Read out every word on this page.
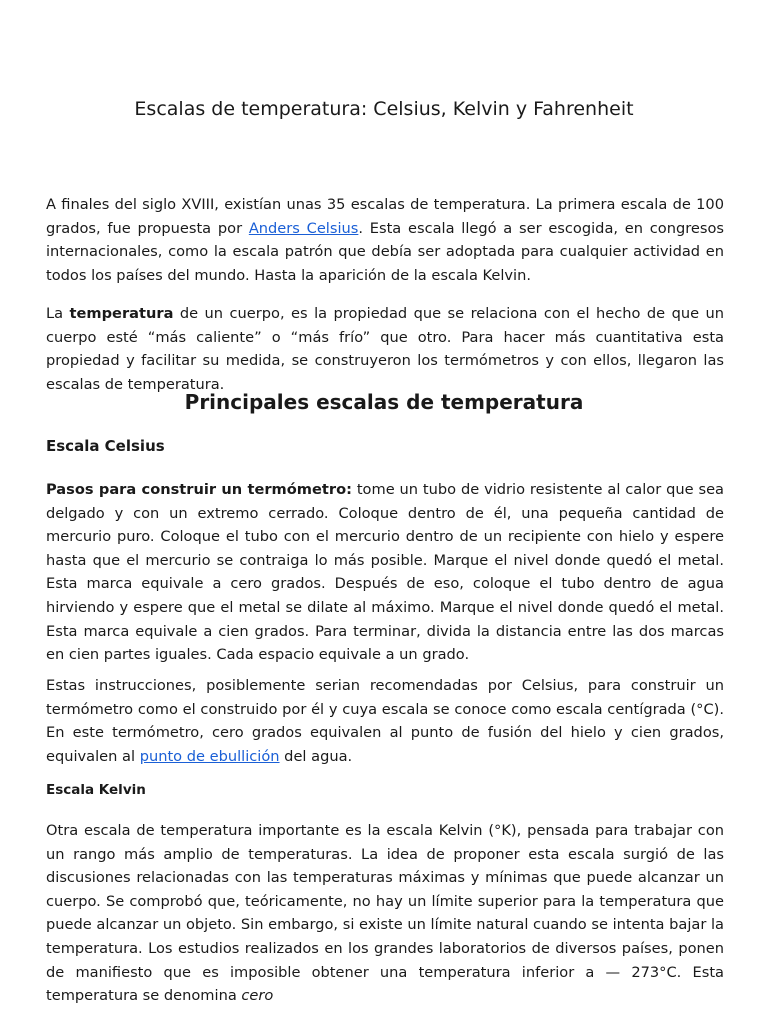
Escalas de temperatura: Celsius, Kelvin y Fahrenheit

A finales del siglo XVIII, existían unas 35 escalas de temperatura. La primera escala de 100 grados, fue propuesta por Anders Celsius. Esta escala llegó a ser escogida, en congresos internacionales, como la escala patrón que debía ser adoptada para cualquier actividad en todos los países del mundo. Hasta la aparición de la escala Kelvin.

La temperatura de un cuerpo, es la propiedad que se relaciona con el hecho de que un cuerpo esté “más caliente” o “más frío” que otro. Para hacer más cuantitativa esta propiedad y facilitar su medida, se construyeron los termómetros y con ellos, llegaron las escalas de temperatura.

Principales escalas de temperatura
Escala Celsius

Pasos para construir un termómetro: tome un tubo de vidrio resistente al calor que sea delgado y con un extremo cerrado. Coloque dentro de él, una pequeña cantidad de mercurio puro. Coloque el tubo con el mercurio dentro de un recipiente con hielo y espere hasta que el mercurio se contraiga lo más posible. Marque el nivel donde quedó el metal. Esta marca equivale a cero grados. Después de eso, coloque el tubo dentro de agua hirviendo y espere que el metal se dilate al máximo. Marque el nivel donde quedó el metal. Esta marca equivale a cien grados. Para terminar, divida la distancia entre las dos marcas en cien partes iguales. Cada espacio equivale a un grado.

Estas instrucciones, posiblemente serian recomendadas por Celsius, para construir un termómetro como el construido por él y cuya escala se conoce como escala centígrada (°C). En este termómetro, cero grados equivalen al punto de fusión del hielo y cien grados, equivalen al punto de ebullición del agua.

Escala Kelvin

Otra escala de temperatura importante es la escala Kelvin (°K), pensada para trabajar con un rango más amplio de temperaturas. La idea de proponer esta escala surgió de las discusiones relacionadas con las temperaturas máximas y mínimas que puede alcanzar un cuerpo. Se comprobó que, teóricamente, no hay un límite superior para la temperatura que puede alcanzar un objeto. Sin embargo, si existe un límite natural cuando se intenta bajar la temperatura. Los estudios realizados en los grandes laboratorios de diversos países, ponen de manifiesto que es imposible obtener una temperatura inferior a — 273°C. Esta temperatura se denomina cero
